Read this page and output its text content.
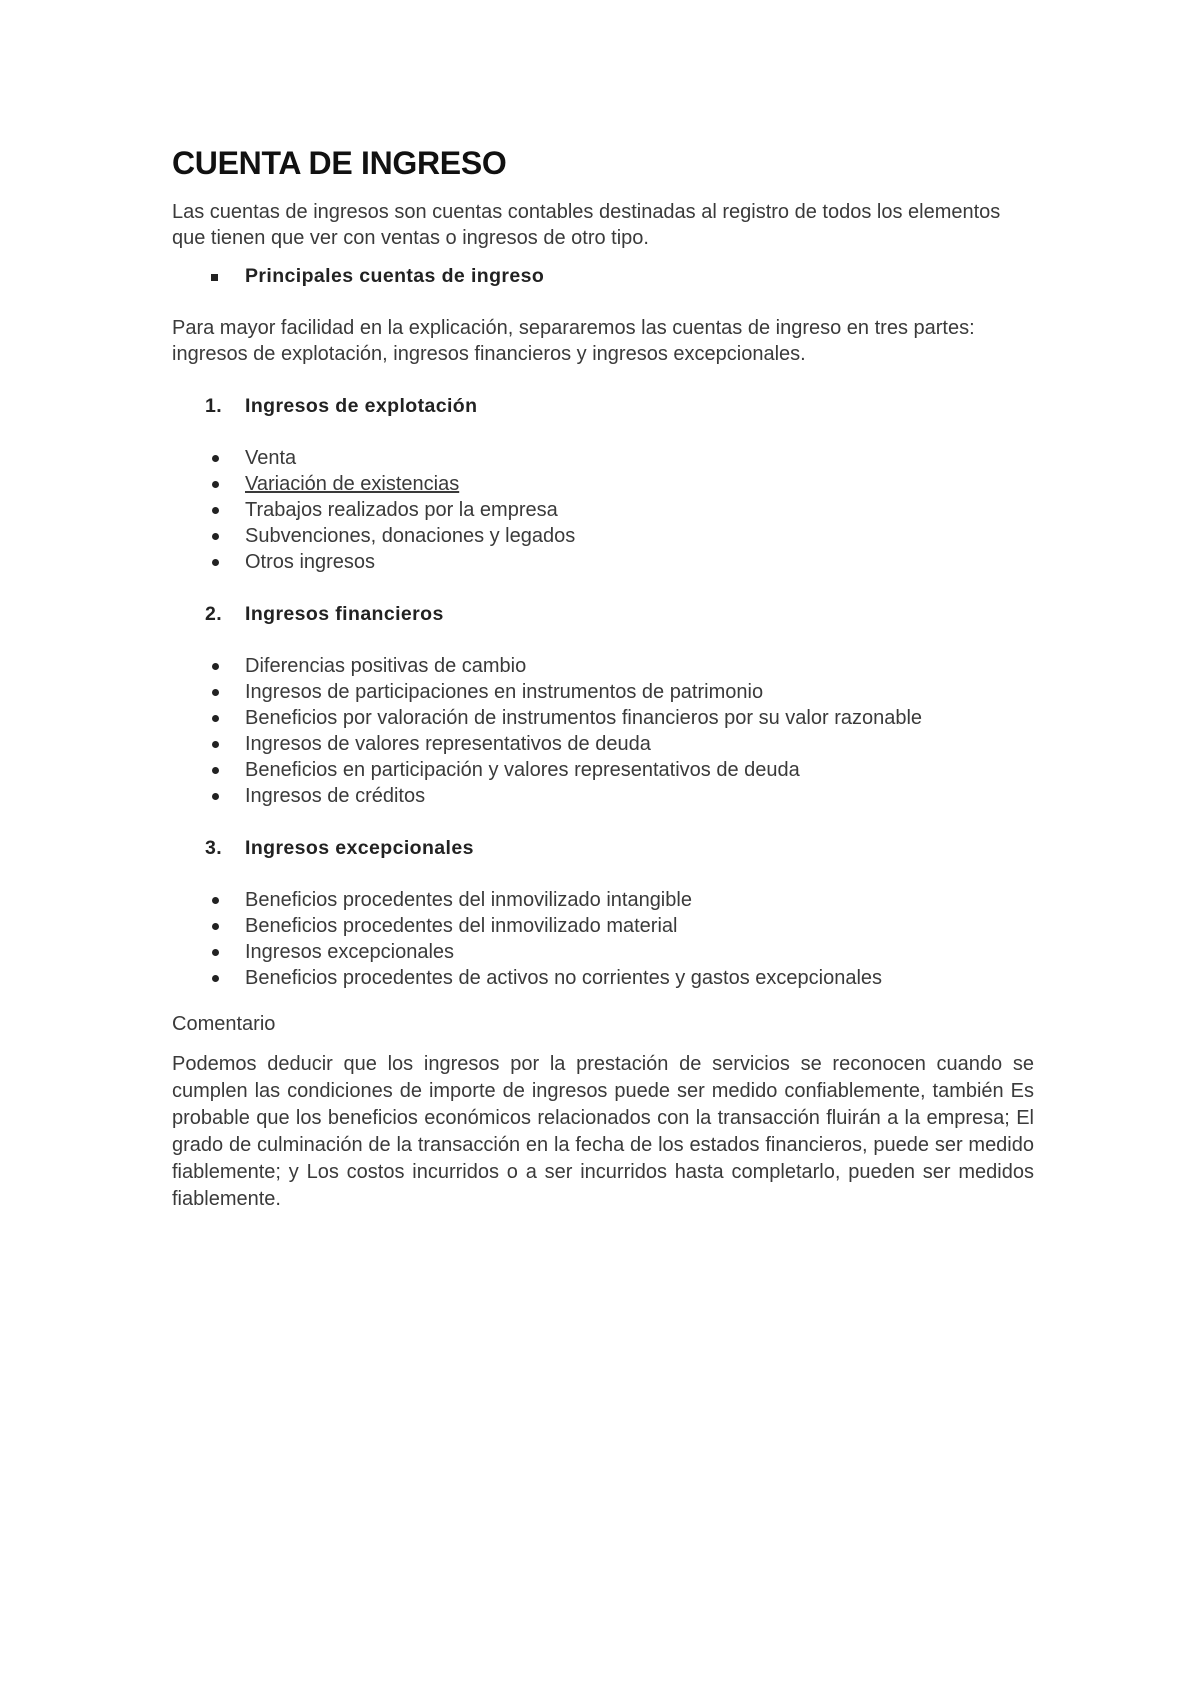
CUENTA DE INGRESO

Las cuentas de ingresos son cuentas contables destinadas al registro de todos los elementos que tienen que ver con ventas o ingresos de otro tipo.

Principales cuentas de ingreso

Para mayor facilidad en la explicación, separaremos las cuentas de ingreso en tres partes: ingresos de explotación, ingresos financieros y ingresos excepcionales.

1. Ingresos de explotación
Venta
Variación de existencias
Trabajos realizados por la empresa
Subvenciones, donaciones y legados
Otros ingresos
2. Ingresos financieros
Diferencias positivas de cambio
Ingresos de participaciones en instrumentos de patrimonio
Beneficios por valoración de instrumentos financieros por su valor razonable
Ingresos de valores representativos de deuda
Beneficios en participación y valores representativos de deuda
Ingresos de créditos
3. Ingresos excepcionales
Beneficios procedentes del inmovilizado intangible
Beneficios procedentes del inmovilizado material
Ingresos excepcionales
Beneficios procedentes de activos no corrientes y gastos excepcionales

Comentario

Podemos deducir que los ingresos por la prestación de servicios se reconocen cuando se cumplen las condiciones de importe de ingresos puede ser medido confiablemente, también Es probable que los beneficios económicos relacionados con la transacción fluirán a la empresa; El grado de culminación de la transacción en la fecha de los estados financieros, puede ser medido fiablemente; y Los costos incurridos o a ser incurridos hasta completarlo, pueden ser medidos fiablemente.
